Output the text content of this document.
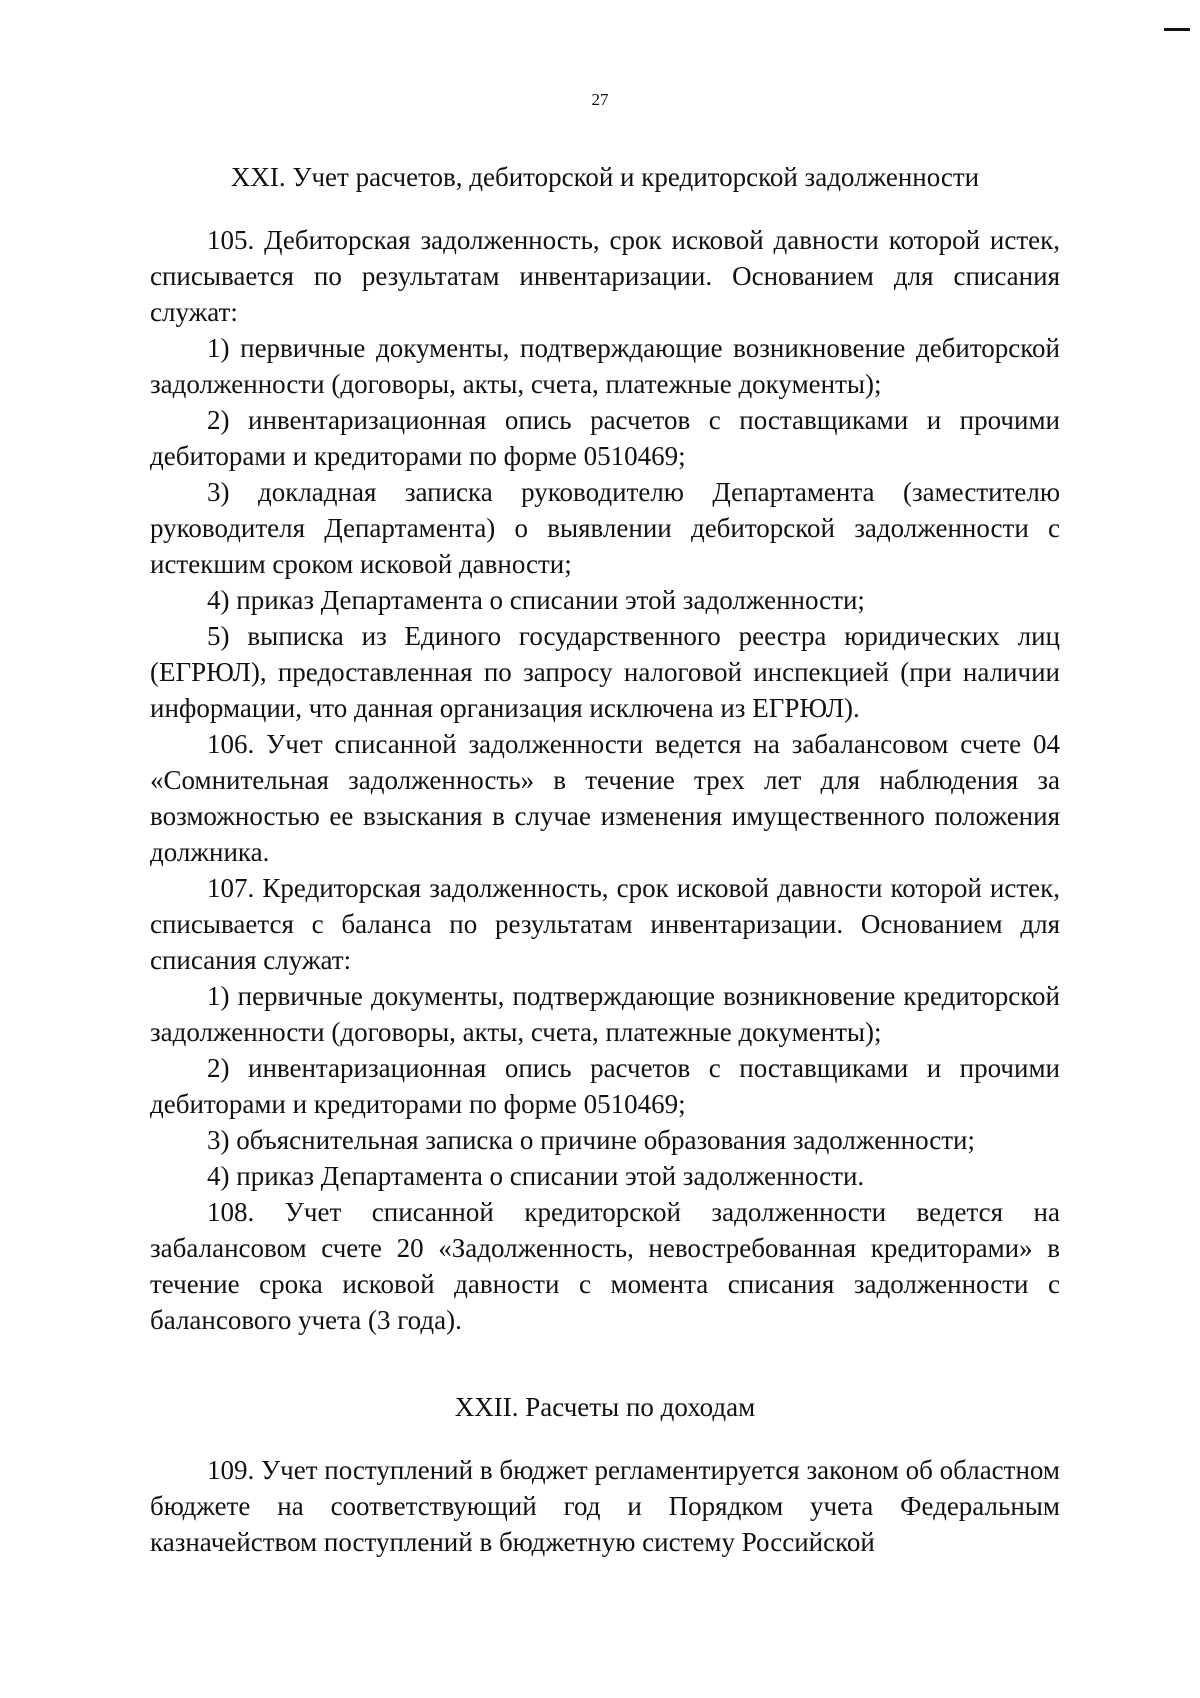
27
XXI. Учет расчетов, дебиторской и кредиторской задолженности

105. Дебиторская задолженность, срок исковой давности которой истек, списывается по результатам инвентаризации. Основанием для списания служат:

1) первичные документы, подтверждающие возникновение дебиторской задолженности (договоры, акты, счета, платежные документы);

2) инвентаризационная опись расчетов с поставщиками и прочими дебиторами и кредиторами по форме 0510469;

3) докладная записка руководителю Департамента (заместителю руководителя Департамента) о выявлении дебиторской задолженности с истекшим сроком исковой давности;

4) приказ Департамента о списании этой задолженности;

5) выписка из Единого государственного реестра юридических лиц (ЕГРЮЛ), предоставленная по запросу налоговой инспекцией (при наличии информации, что данная организация исключена из ЕГРЮЛ).

106. Учет списанной задолженности ведется на забалансовом счете 04 «Сомнительная задолженность» в течение трех лет для наблюдения за возможностью ее взыскания в случае изменения имущественного положения должника.

107. Кредиторская задолженность, срок исковой давности которой истек, списывается с баланса по результатам инвентаризации. Основанием для списания служат:

1) первичные документы, подтверждающие возникновение кредиторской задолженности (договоры, акты, счета, платежные документы);

2) инвентаризационная опись расчетов с поставщиками и прочими дебиторами и кредиторами по форме 0510469;

3) объяснительная записка о причине образования задолженности;

4) приказ Департамента о списании этой задолженности.

108. Учет списанной кредиторской задолженности ведется на забалансовом счете 20 «Задолженность, невостребованная кредиторами» в течение срока исковой давности с момента списания задолженности с балансового учета (3 года).

XXII. Расчеты по доходам

109. Учет поступлений в бюджет регламентируется законом об областном бюджете на соответствующий год и Порядком учета Федеральным казначейством поступлений в бюджетную систему Российской
